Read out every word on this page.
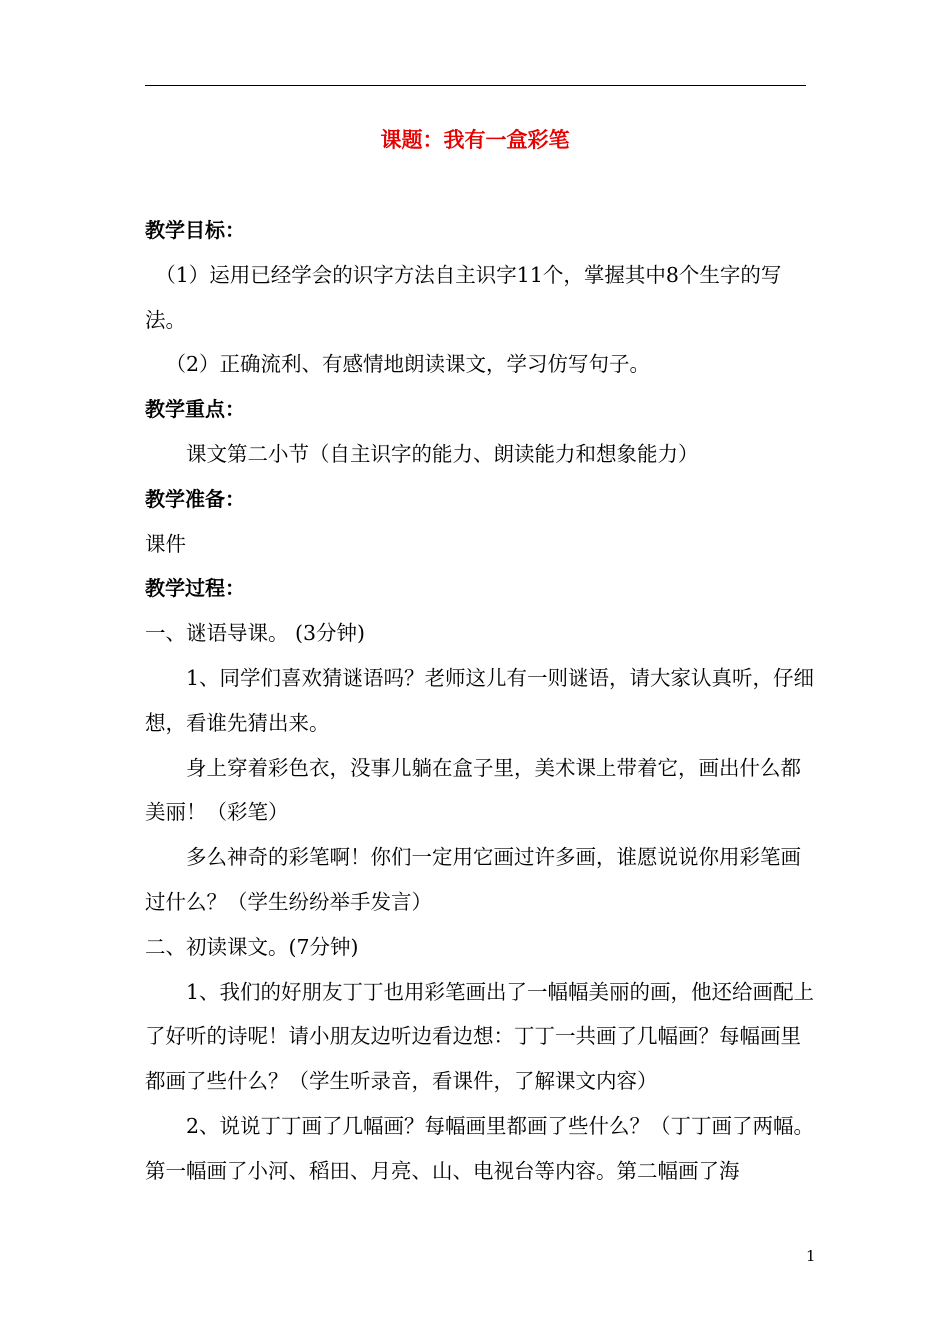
课题：我有一盒彩笔

教学目标：

（1）运用已经学会的识字方法自主识字11个，掌握其中8个生字的写法。

（2）正确流利、有感情地朗读课文，学习仿写句子。

教学重点：

课文第二小节（自主识字的能力、朗读能力和想象能力）

教学准备：

课件

教学过程：

一、谜语导课。 (3分钟)

1、同学们喜欢猜谜语吗？老师这儿有一则谜语，请大家认真听，仔细想，看谁先猜出来。

身上穿着彩色衣，没事儿躺在盒子里，美术课上带着它，画出什么都美丽！（彩笔）

多么神奇的彩笔啊！你们一定用它画过许多画，谁愿说说你用彩笔画过什么？（学生纷纷举手发言）

二、初读课文。(7分钟)

1、我们的好朋友丁丁也用彩笔画出了一幅幅美丽的画，他还给画配上了好听的诗呢！请小朋友边听边看边想：丁丁一共画了几幅画？每幅画里都画了些什么？（学生听录音，看课件，了解课文内容）

2、说说丁丁画了几幅画？每幅画里都画了些什么？（丁丁画了两幅。第一幅画了小河、稻田、月亮、山、电视台等内容。第二幅画了海

1
